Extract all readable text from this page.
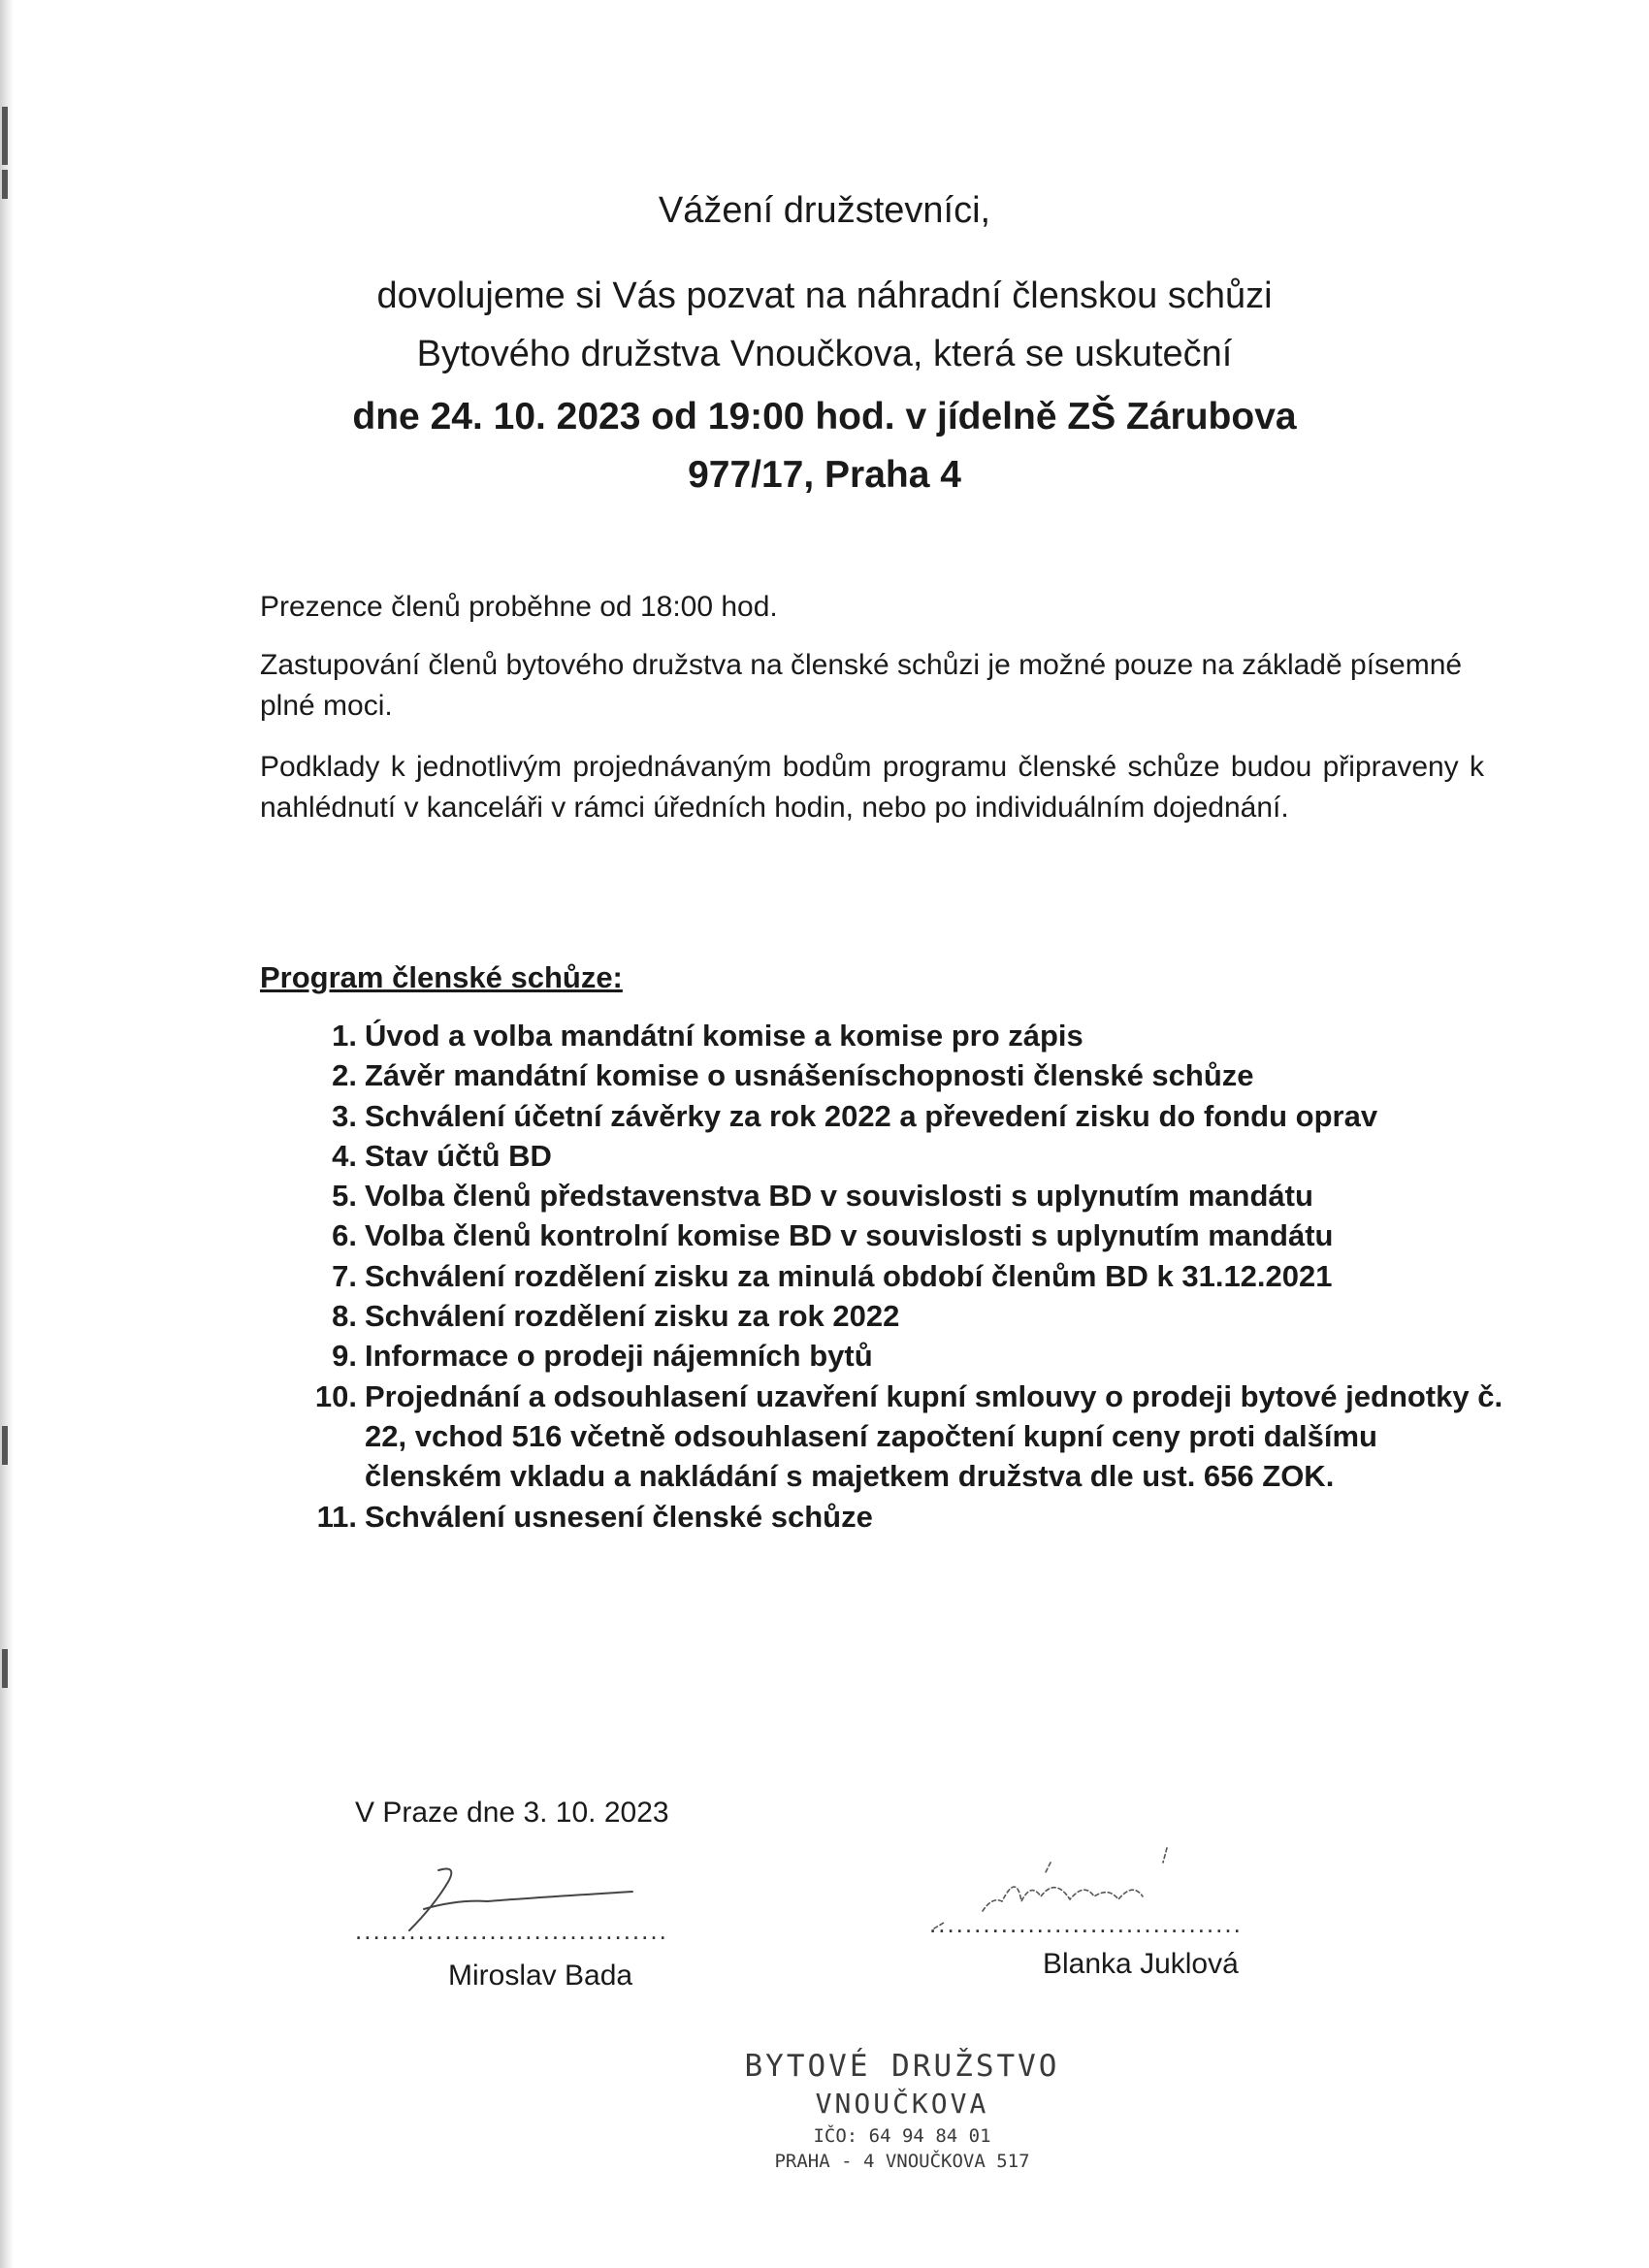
Vážení družstevníci,
dovolujeme si Vás pozvat na náhradní členskou schůzi
Bytového družstva Vnoučkova, která se uskuteční
dne 24. 10. 2023 od 19:00 hod. v jídelně ZŠ Zárubova
977/17, Praha 4
Prezence členů proběhne od 18:00 hod.
Zastupování členů bytového družstva na členské schůzi je možné pouze na základě písemné plné moci.
Podklady k jednotlivým projednávaným bodům programu členské schůze budou připraveny k nahlédnutí v kanceláři v rámci úředních hodin, nebo po individuálním dojednání.
Program členské schůze:
1. Úvod a volba mandátní komise a komise pro zápis
2. Závěr mandátní komise o usnášeníschopnosti členské schůze
3. Schválení účetní závěrky za rok 2022 a převedení zisku do fondu oprav
4. Stav účtů BD
5. Volba členů představenstva BD v souvislosti s uplynutím mandátu
6. Volba členů kontrolní komise BD v souvislosti s uplynutím mandátu
7. Schválení rozdělení zisku za minulá období členům BD k 31.12.2021
8. Schválení rozdělení zisku za rok 2022
9. Informace o prodeji nájemních bytů
10. Projednání a odsouhlasení uzavření kupní smlouvy o prodeji bytové jednotky č. 22, vchod 516 včetně odsouhlasení započtení kupní ceny proti dalšímu členském vkladu a nakládání s majetkem družstva dle ust. 656 ZOK.
11. Schválení usnesení členské schůze
V Praze dne 3. 10. 2023
...................................
Miroslav Bada
...................................
Blanka Juklová
BYTOVÉ DRUŽSTVO
VNOUČKOVA
IČO: 64 94 84 01
PRAHA - 4 VNOUČKOVA 517
